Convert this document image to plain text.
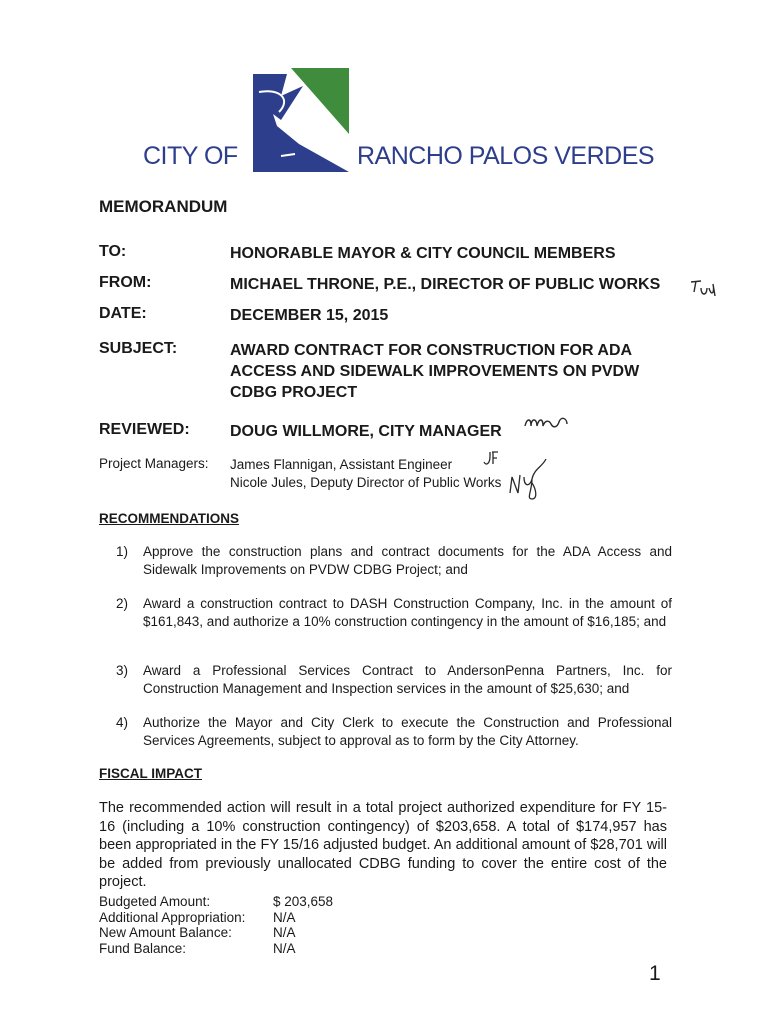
CITY OF	RANCHO PALOS VERDES
MEMORANDUM
TO:	HONORABLE MAYOR & CITY COUNCIL MEMBERS
FROM:	MICHAEL THRONE, P.E., DIRECTOR OF PUBLIC WORKS
DATE:	DECEMBER 15, 2015
SUBJECT:	AWARD CONTRACT FOR CONSTRUCTION FOR ADA ACCESS AND SIDEWALK IMPROVEMENTS ON PVDW CDBG PROJECT
REVIEWED:	DOUG WILLMORE, CITY MANAGER
Project Managers: James Flannigan, Assistant Engineer
Nicole Jules, Deputy Director of Public Works
RECOMMENDATIONS
1) Approve the construction plans and contract documents for the ADA Access and Sidewalk Improvements on PVDW CDBG Project; and
2) Award a construction contract to DASH Construction Company, Inc. in the amount of $161,843, and authorize a 10% construction contingency in the amount of $16,185; and
3) Award a Professional Services Contract to AndersonPenna Partners, Inc. for Construction Management and Inspection services in the amount of $25,630; and
4) Authorize the Mayor and City Clerk to execute the Construction and Professional Services Agreements, subject to approval as to form by the City Attorney.
FISCAL IMPACT
The recommended action will result in a total project authorized expenditure for FY 15-16 (including a 10% construction contingency) of $203,658. A total of $174,957 has been appropriated in the FY 15/16 adjusted budget. An additional amount of $28,701 will be added from previously unallocated CDBG funding to cover the entire cost of the project.
Budgeted Amount:	$ 203,658
Additional Appropriation:	N/A
New Amount Balance:	N/A
Fund Balance:	N/A
1
